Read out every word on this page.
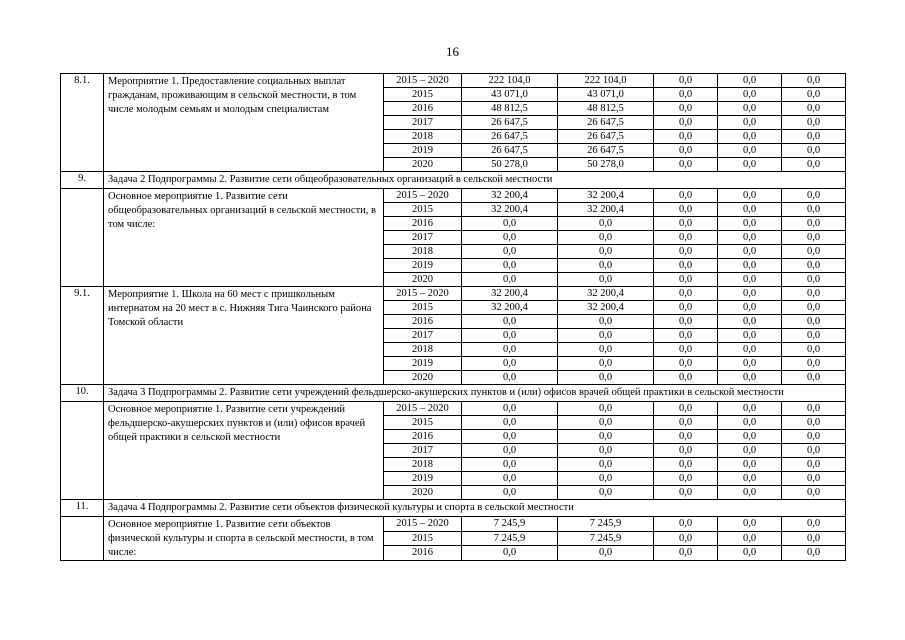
16
8.1.	Мероприятие 1. Предоставление социальных выплат гражданам, проживающим в сельской местности, в том числе молодым семьям и молодым специалистам	2015 – 2020	222 104,0	222 104,0	0,0	0,0	0,0
		2015	43 071,0	43 071,0	0,0	0,0	0,0
		2016	48 812,5	48 812,5	0,0	0,0	0,0
		2017	26 647,5	26 647,5	0,0	0,0	0,0
		2018	26 647,5	26 647,5	0,0	0,0	0,0
		2019	26 647,5	26 647,5	0,0	0,0	0,0
		2020	50 278,0	50 278,0	0,0	0,0	0,0
9.	Задача 2 Подпрограммы 2. Развитие сети общеобразовательных организаций в сельской местности						
	Основное мероприятие 1. Развитие сети общеобразовательных организаций в сельской местности, в том числе:	2015 – 2020	32 200,4	32 200,4	0,0	0,0	0,0
		2015	32 200,4	32 200,4	0,0	0,0	0,0
		2016	0,0	0,0	0,0	0,0	0,0
		2017	0,0	0,0	0,0	0,0	0,0
		2018	0,0	0,0	0,0	0,0	0,0
		2019	0,0	0,0	0,0	0,0	0,0
		2020	0,0	0,0	0,0	0,0	0,0
9.1.	Мероприятие 1. Школа на 60 мест с пришкольным интернатом на 20 мест в с. Нижняя Тига Чаинского района Томской области	2015 – 2020	32 200,4	32 200,4	0,0	0,0	0,0
		2015	32 200,4	32 200,4	0,0	0,0	0,0
		2016	0,0	0,0	0,0	0,0	0,0
		2017	0,0	0,0	0,0	0,0	0,0
		2018	0,0	0,0	0,0	0,0	0,0
		2019	0,0	0,0	0,0	0,0	0,0
		2020	0,0	0,0	0,0	0,0	0,0
10.	Задача 3 Подпрограммы 2. Развитие сети учреждений фельдшерско-акушерских пунктов и (или) офисов врачей общей практики в сельской местности						
	Основное мероприятие 1. Развитие сети учреждений фельдшерско-акушерских пунктов и (или) офисов врачей общей практики в сельской местности	2015 – 2020	0,0	0,0	0,0	0,0	0,0
		2015	0,0	0,0	0,0	0,0	0,0
		2016	0,0	0,0	0,0	0,0	0,0
		2017	0,0	0,0	0,0	0,0	0,0
		2018	0,0	0,0	0,0	0,0	0,0
		2019	0,0	0,0	0,0	0,0	0,0
		2020	0,0	0,0	0,0	0,0	0,0
11.	Задача 4 Подпрограммы 2. Развитие сети объектов физической культуры и спорта в сельской местности						
	Основное мероприятие 1. Развитие сети объектов физической культуры и спорта в сельской местности, в том числе:	2015 – 2020	7 245,9	7 245,9	0,0	0,0	0,0
		2015	7 245,9	7 245,9	0,0	0,0	0,0
		2016	0,0	0,0	0,0	0,0	0,0
